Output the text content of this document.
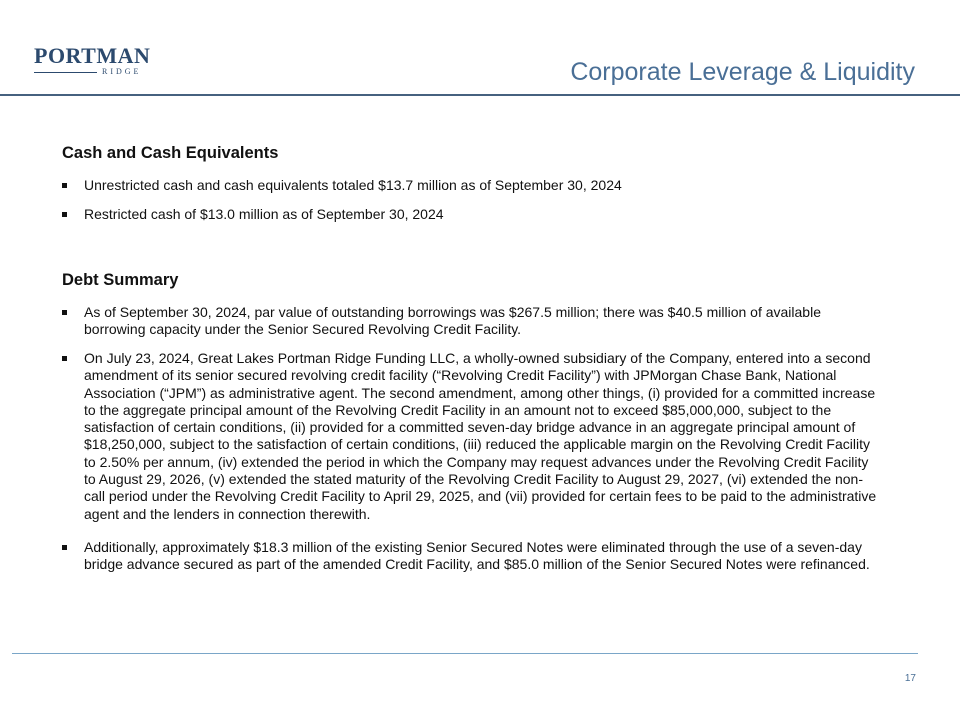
PORTMAN
RIDGE	Corporate Leverage & Liquidity
Cash and Cash Equivalents
Unrestricted cash and cash equivalents totaled $13.7 million as of September 30, 2024
Restricted cash of $13.0 million as of September 30, 2024
Debt Summary
As of September 30, 2024, par value of outstanding borrowings was $267.5 million; there was $40.5 million of available borrowing capacity under the Senior Secured Revolving Credit Facility.
On July 23, 2024, Great Lakes Portman Ridge Funding LLC, a wholly-owned subsidiary of the Company, entered into a second amendment of its senior secured revolving credit facility (“Revolving Credit Facility”) with JPMorgan Chase Bank, National Association (“JPM”) as administrative agent. The second amendment, among other things, (i) provided for a committed increase to the aggregate principal amount of the Revolving Credit Facility in an amount not to exceed $85,000,000, subject to the satisfaction of certain conditions, (ii) provided for a committed seven-day bridge advance in an aggregate principal amount of $18,250,000, subject to the satisfaction of certain conditions, (iii) reduced the applicable margin on the Revolving Credit Facility to 2.50% per annum, (iv) extended the period in which the Company may request advances under the Revolving Credit Facility to August 29, 2026, (v) extended the stated maturity of the Revolving Credit Facility to August 29, 2027, (vi) extended the non-call period under the Revolving Credit Facility to April 29, 2025, and (vii) provided for certain fees to be paid to the administrative agent and the lenders in connection therewith.
Additionally, approximately $18.3 million of the existing Senior Secured Notes were eliminated through the use of a seven-day bridge advance secured as part of the amended Credit Facility, and $85.0 million of the Senior Secured Notes were refinanced.
17
